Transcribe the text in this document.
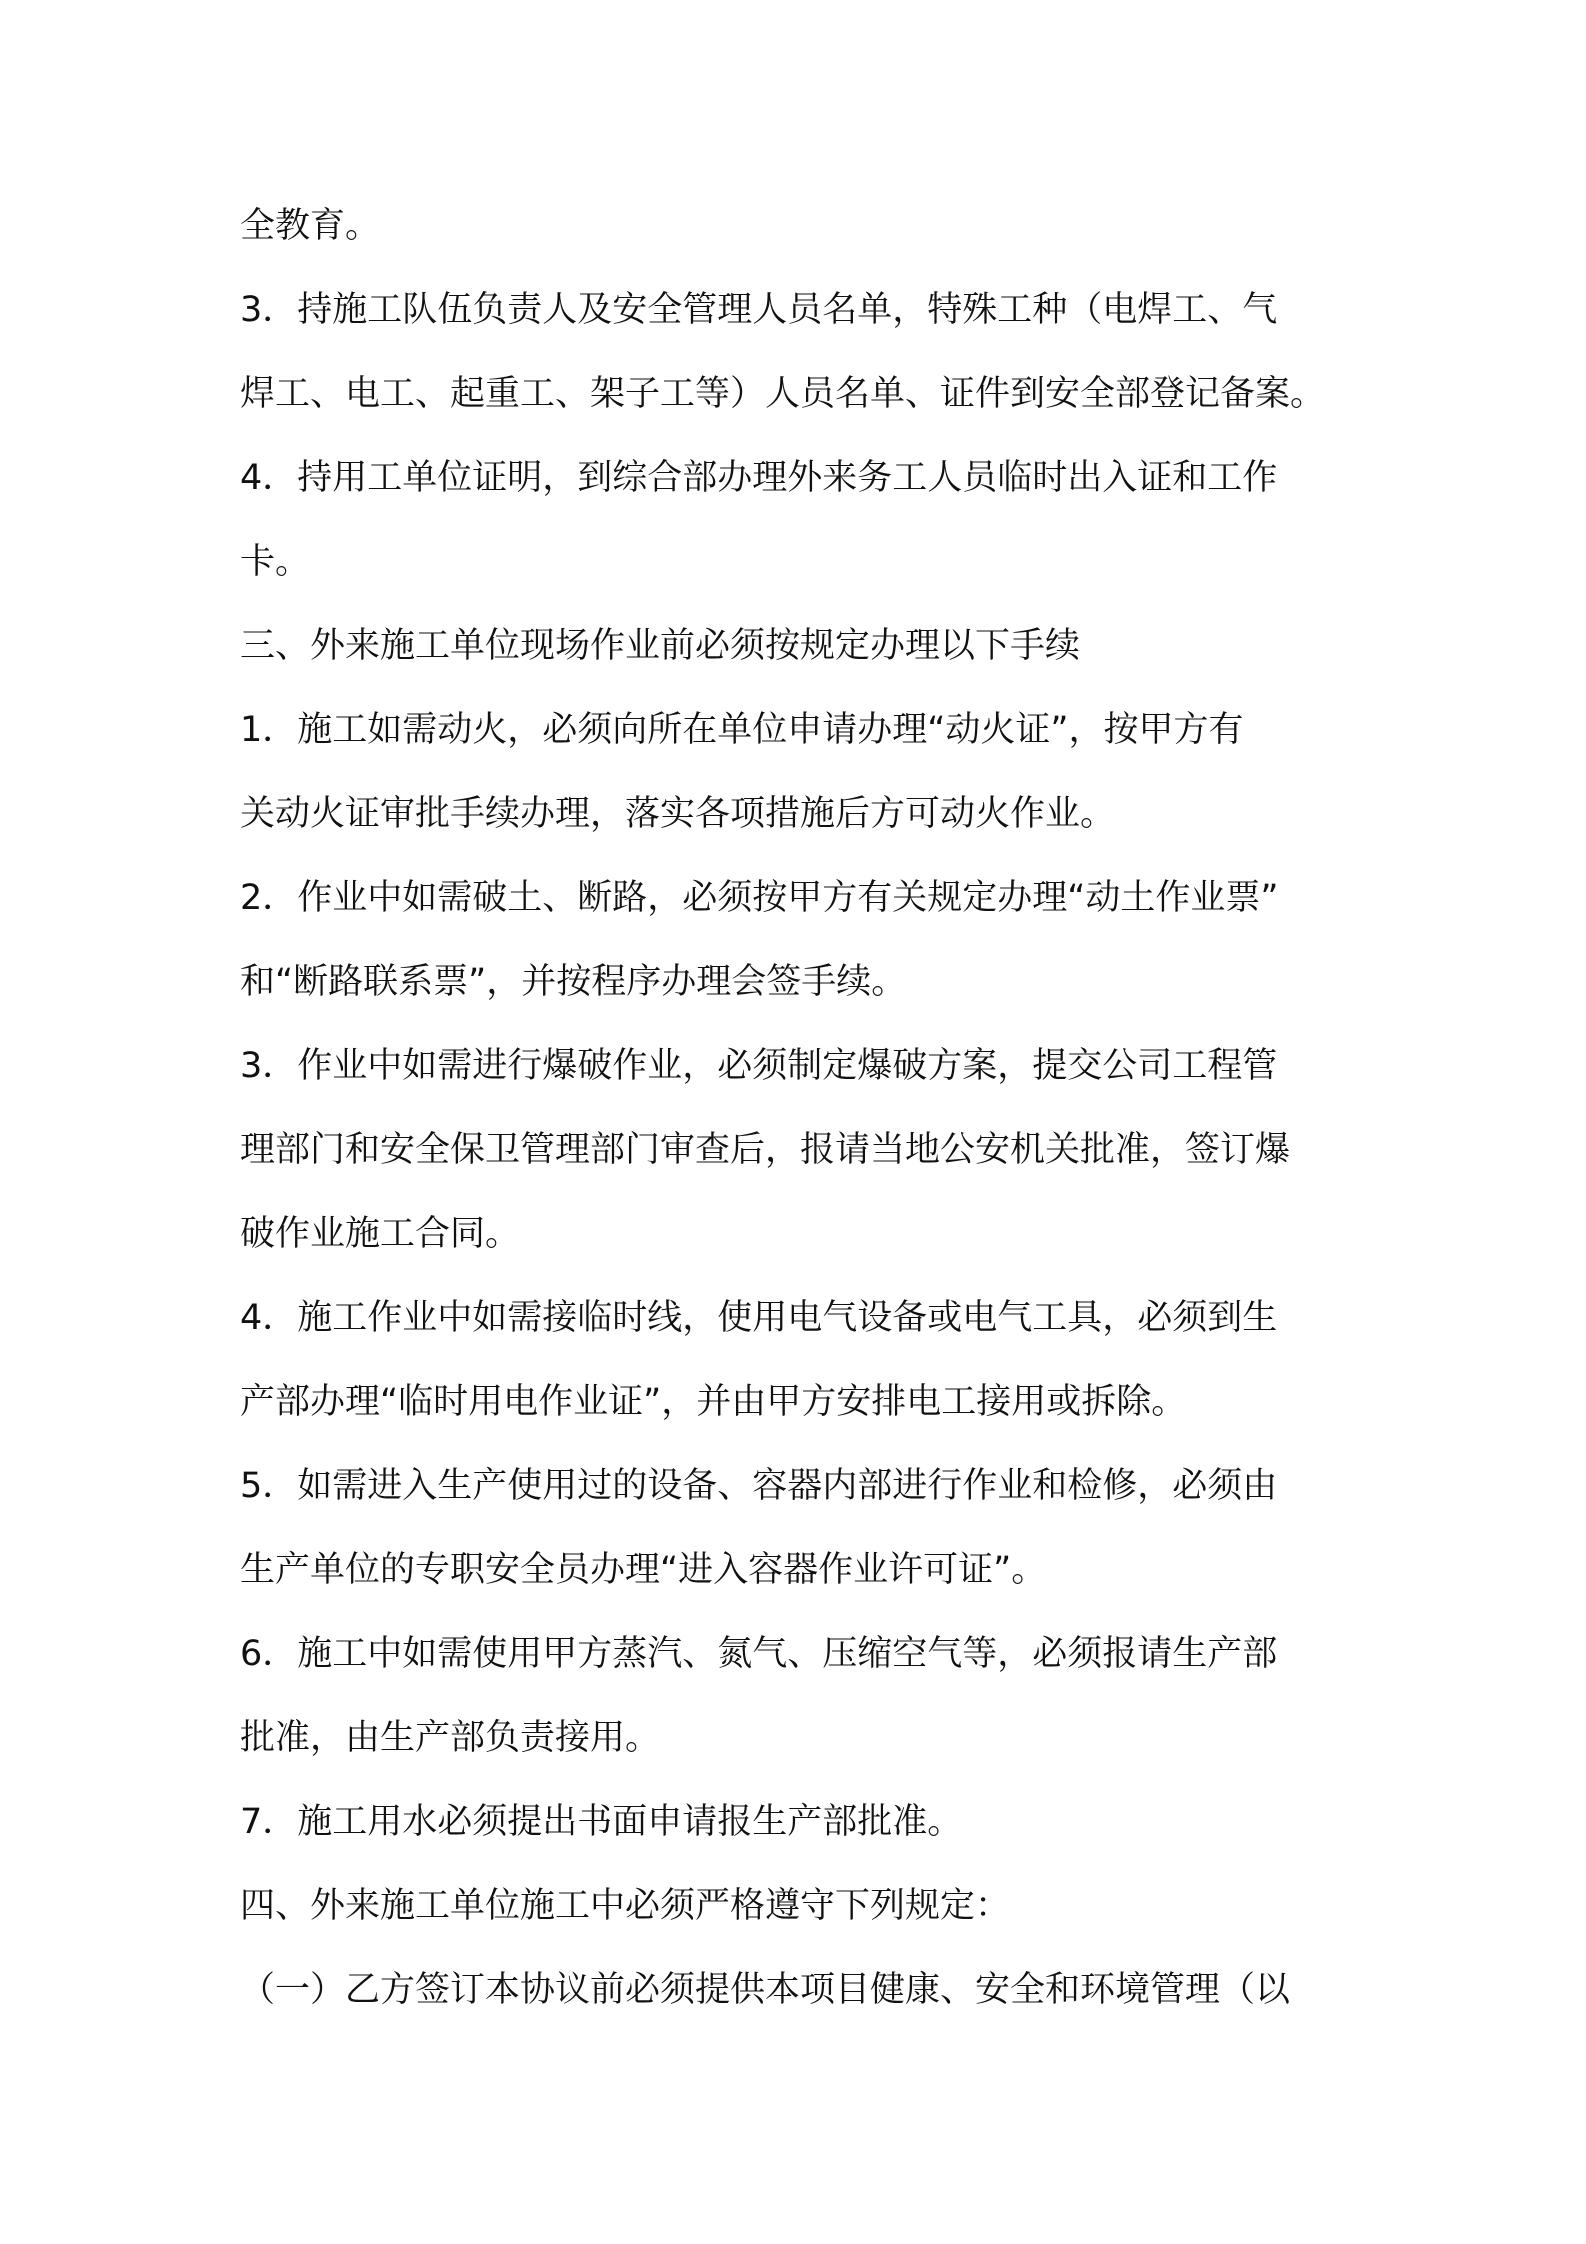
全教育。
3．持施工队伍负责人及安全管理人员名单，特殊工种（电焊工、气
焊工、电工、起重工、架子工等）人员名单、证件到安全部登记备案。
4．持用工单位证明，到综合部办理外来务工人员临时出入证和工作
卡。
三、外来施工单位现场作业前必须按规定办理以下手续
1．施工如需动火，必须向所在单位申请办理“动火证”，按甲方有
关动火证审批手续办理，落实各项措施后方可动火作业。
2．作业中如需破土、断路，必须按甲方有关规定办理“动土作业票”
和“断路联系票”，并按程序办理会签手续。
3．作业中如需进行爆破作业，必须制定爆破方案，提交公司工程管
理部门和安全保卫管理部门审查后，报请当地公安机关批准，签订爆
破作业施工合同。
4．施工作业中如需接临时线，使用电气设备或电气工具，必须到生
产部办理“临时用电作业证”，并由甲方安排电工接用或拆除。
5．如需进入生产使用过的设备、容器内部进行作业和检修，必须由
生产单位的专职安全员办理“进入容器作业许可证”。
6．施工中如需使用甲方蒸汽、氮气、压缩空气等，必须报请生产部
批准，由生产部负责接用。
7．施工用水必须提出书面申请报生产部批准。
四、外来施工单位施工中必须严格遵守下列规定：
（一）乙方签订本协议前必须提供本项目健康、安全和环境管理（以
